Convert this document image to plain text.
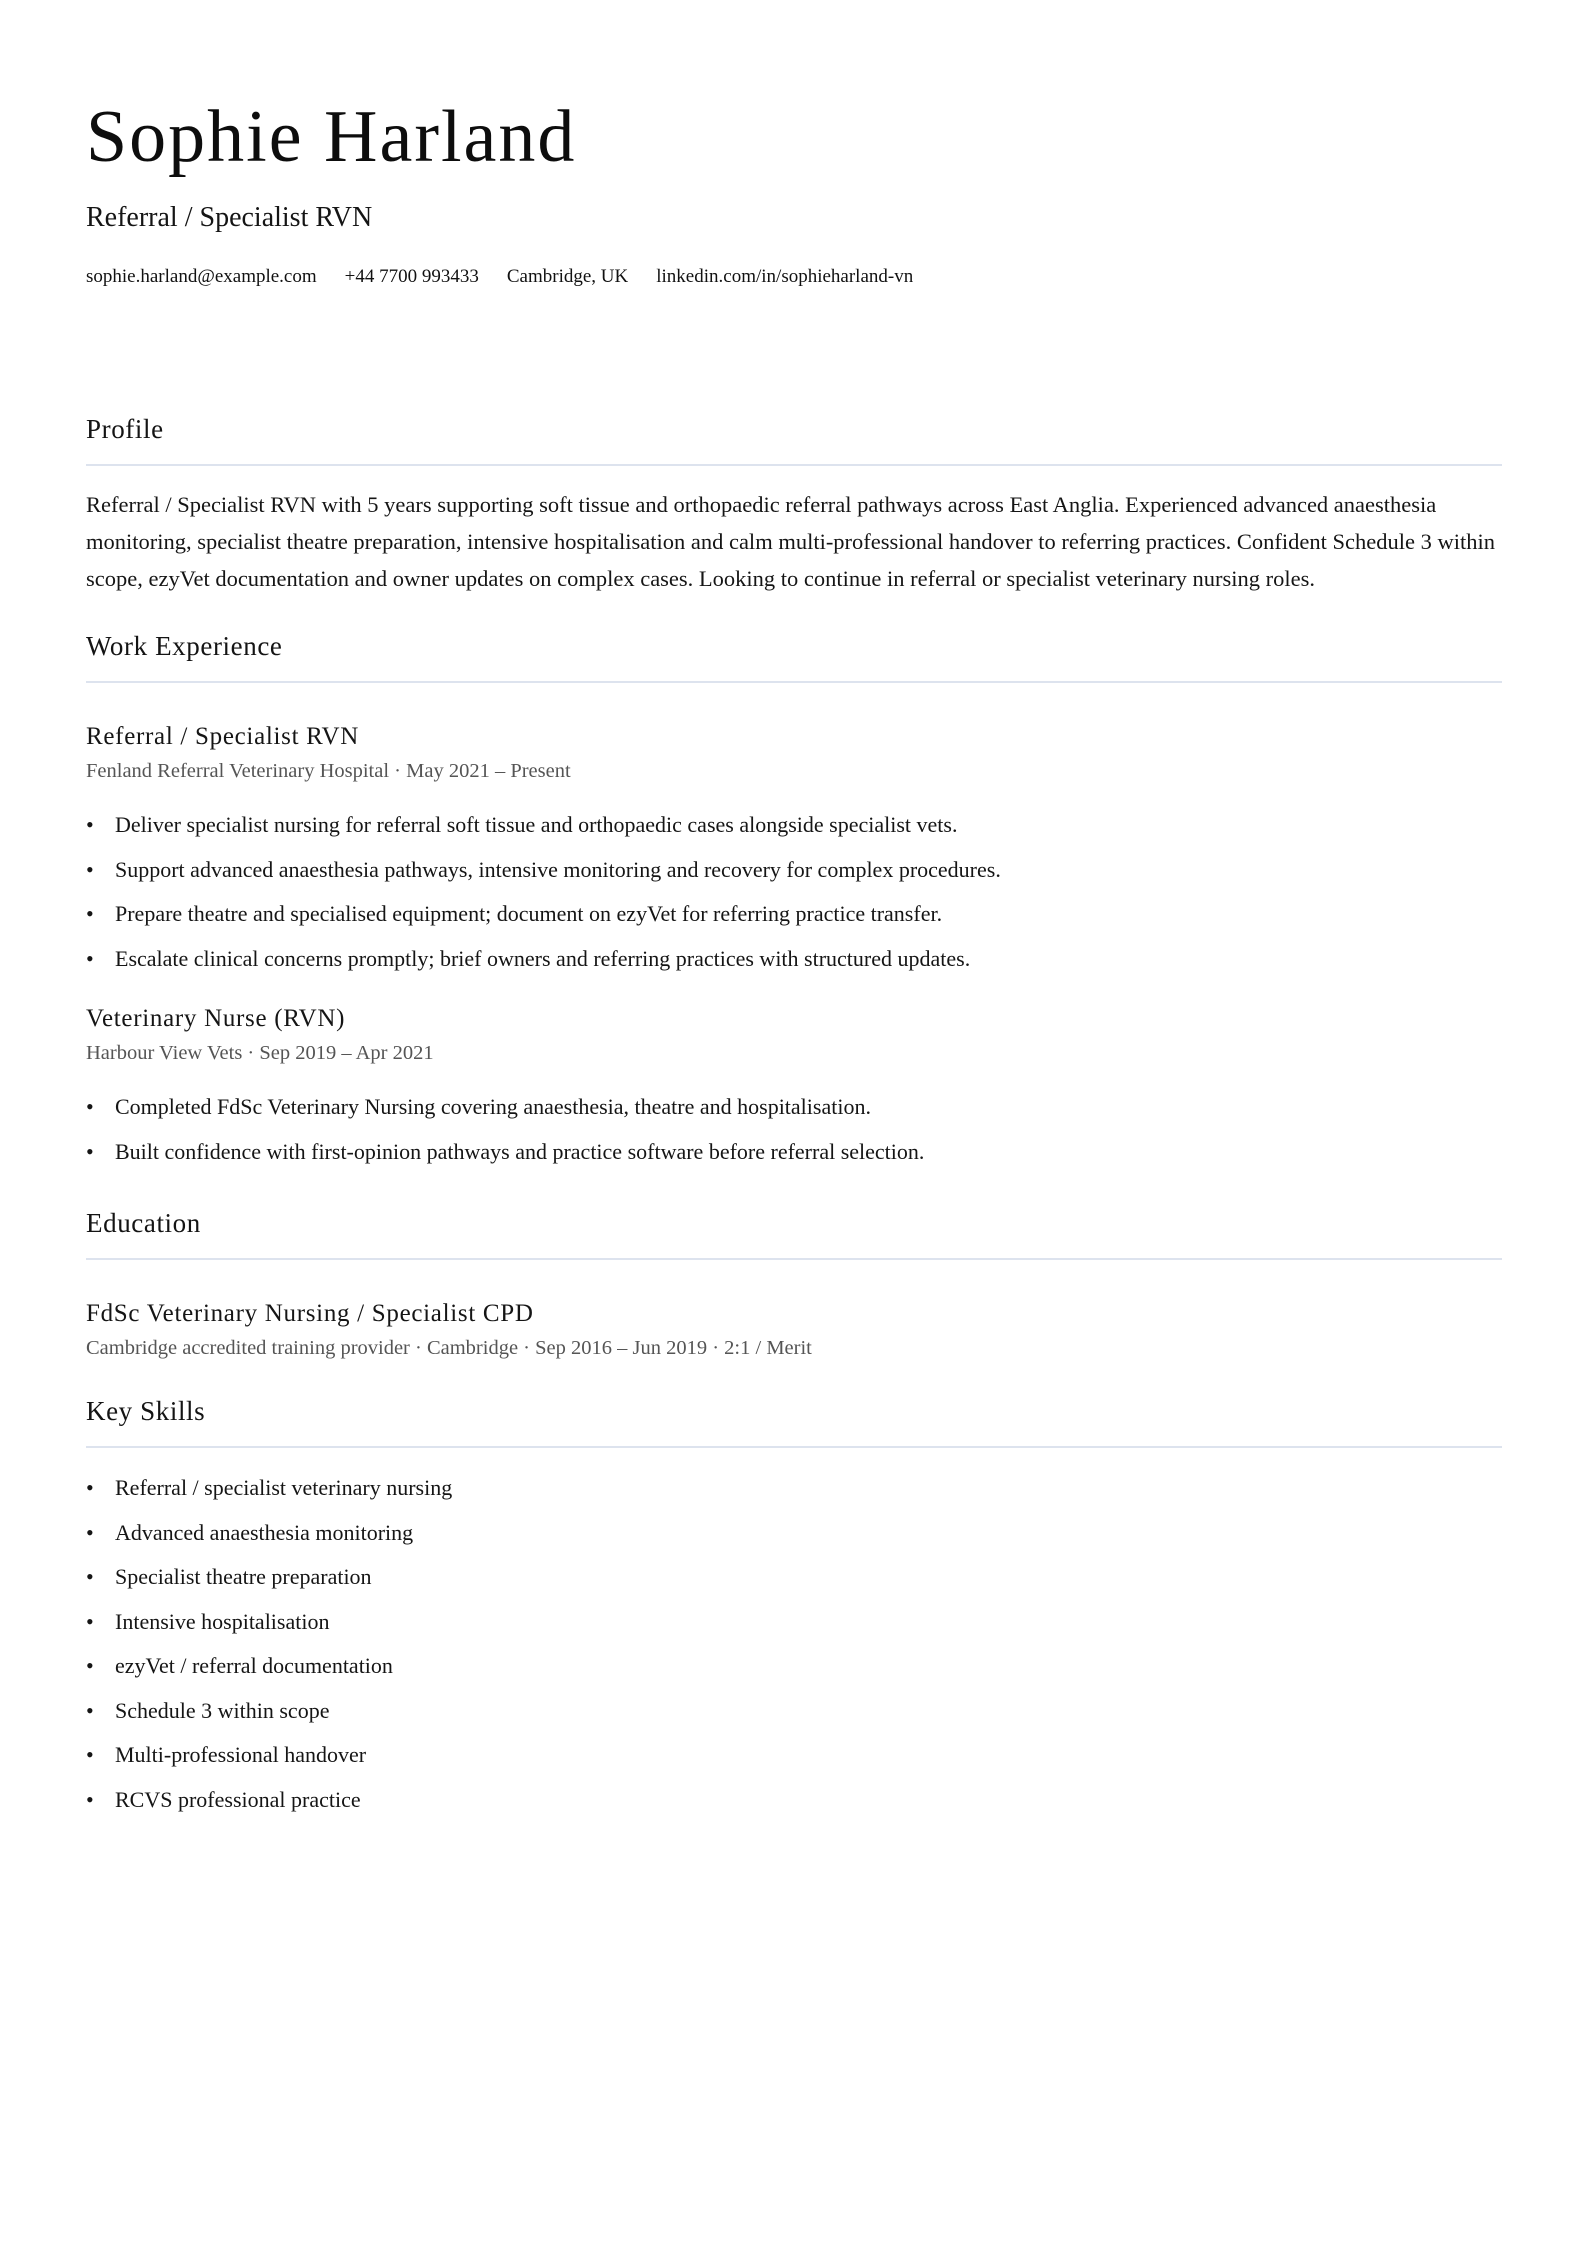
Sophie Harland
Referral / Specialist RVN
sophie.harland@example.com +44 7700 993433 Cambridge, UK linkedin.com/in/sophieharland-vn
Profile

Referral / Specialist RVN with 5 years supporting soft tissue and orthopaedic referral pathways across East Anglia. Experienced advanced anaesthesia monitoring, specialist theatre preparation, intensive hospitalisation and calm multi-professional handover to referring practices. Confident Schedule 3 within scope, ezyVet documentation and owner updates on complex cases. Looking to continue in referral or specialist veterinary nursing roles.

Work Experience
Referral / Specialist RVN
Fenland Referral Veterinary Hospital · May 2021 – Present
• Deliver specialist nursing for referral soft tissue and orthopaedic cases alongside specialist vets.
• Support advanced anaesthesia pathways, intensive monitoring and recovery for complex procedures.
• Prepare theatre and specialised equipment; document on ezyVet for referring practice transfer.
• Escalate clinical concerns promptly; brief owners and referring practices with structured updates.
Veterinary Nurse (RVN)
Harbour View Vets · Sep 2019 – Apr 2021
• Completed FdSc Veterinary Nursing covering anaesthesia, theatre and hospitalisation.
• Built confidence with first-opinion pathways and practice software before referral selection.
Education
FdSc Veterinary Nursing / Specialist CPD
Cambridge accredited training provider · Cambridge · Sep 2016 – Jun 2019 · 2:1 / Merit
Key Skills
• Referral / specialist veterinary nursing
• Advanced anaesthesia monitoring
• Specialist theatre preparation
• Intensive hospitalisation
• ezyVet / referral documentation
• Schedule 3 within scope
• Multi-professional handover
• RCVS professional practice
